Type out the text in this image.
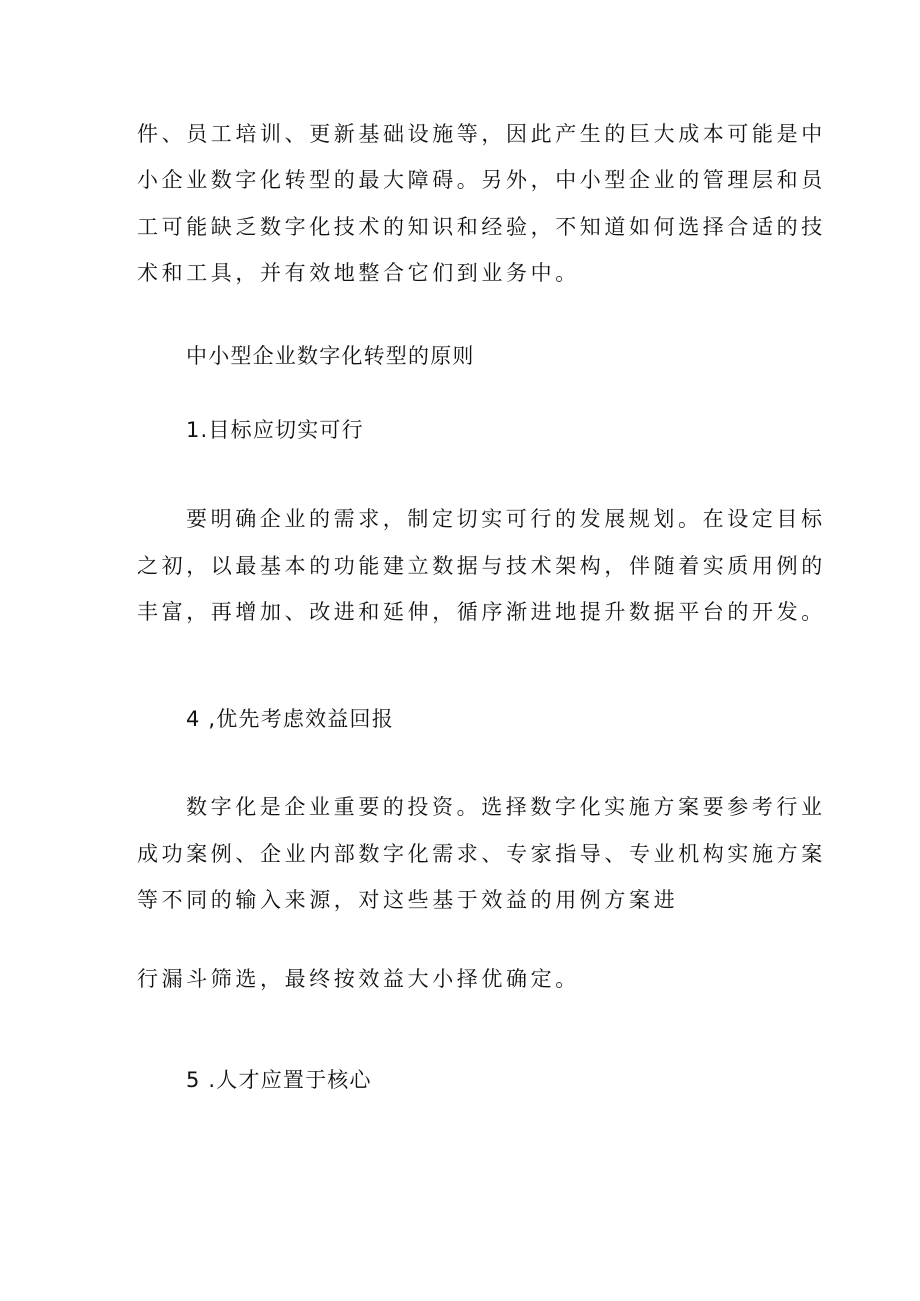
件、员工培训、更新基础设施等，因此产生的巨大成本可能是中
小企业数字化转型的最大障碍。另外，中小型企业的管理层和员
工可能缺乏数字化技术的知识和经验，不知道如何选择合适的技
术和工具，并有效地整合它们到业务中。
中小型企业数字化转型的原则
1.目标应切实可行
要明确企业的需求，制定切实可行的发展规划。在设定目标
之初，以最基本的功能建立数据与技术架构，伴随着实质用例的
丰富，再增加、改进和延伸，循序渐进地提升数据平台的开发。
4 ,优先考虑效益回报
数字化是企业重要的投资。选择数字化实施方案要参考行业
成功案例、企业内部数字化需求、专家指导、专业机构实施方案
等不同的输入来源，对这些基于效益的用例方案进
行漏斗筛选，最终按效益大小择优确定。
5 .人才应置于核心
